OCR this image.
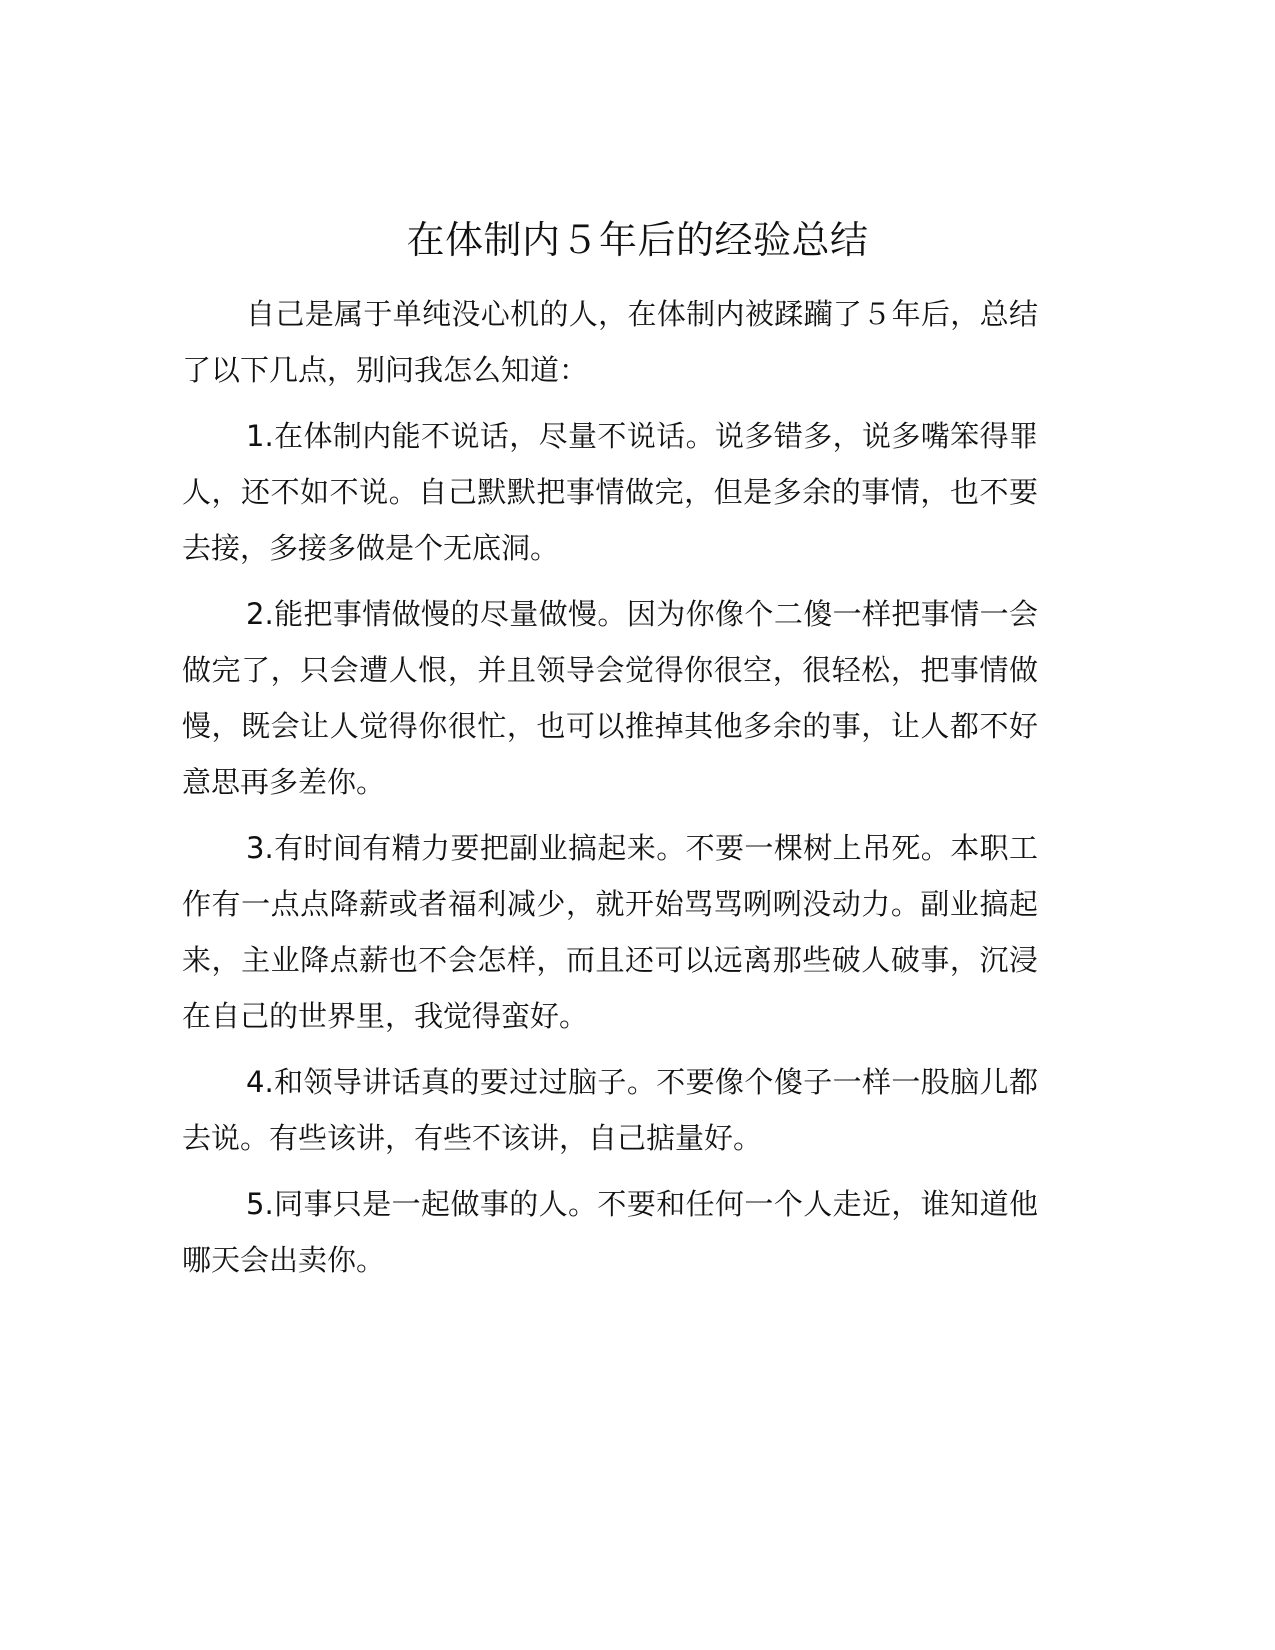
在体制内５年后的经验总结

自己是属于单纯没心机的人，在体制内被蹂躏了５年后，总结了以下几点，别问我怎么知道：

1.在体制内能不说话，尽量不说话。说多错多，说多嘴笨得罪人，还不如不说。自己默默把事情做完，但是多余的事情，也不要去接，多接多做是个无底洞。

2.能把事情做慢的尽量做慢。因为你像个二傻一样把事情一会做完了，只会遭人恨，并且领导会觉得你很空，很轻松，把事情做慢，既会让人觉得你很忙，也可以推掉其他多余的事，让人都不好意思再多差你。

3.有时间有精力要把副业搞起来。不要一棵树上吊死。本职工作有一点点降薪或者福利减少，就开始骂骂咧咧没动力。副业搞起来，主业降点薪也不会怎样，而且还可以远离那些破人破事，沉浸在自己的世界里，我觉得蛮好。

4.和领导讲话真的要过过脑子。不要像个傻子一样一股脑儿都去说。有些该讲，有些不该讲，自己掂量好。

5.同事只是一起做事的人。不要和任何一个人走近，谁知道他哪天会出卖你。
